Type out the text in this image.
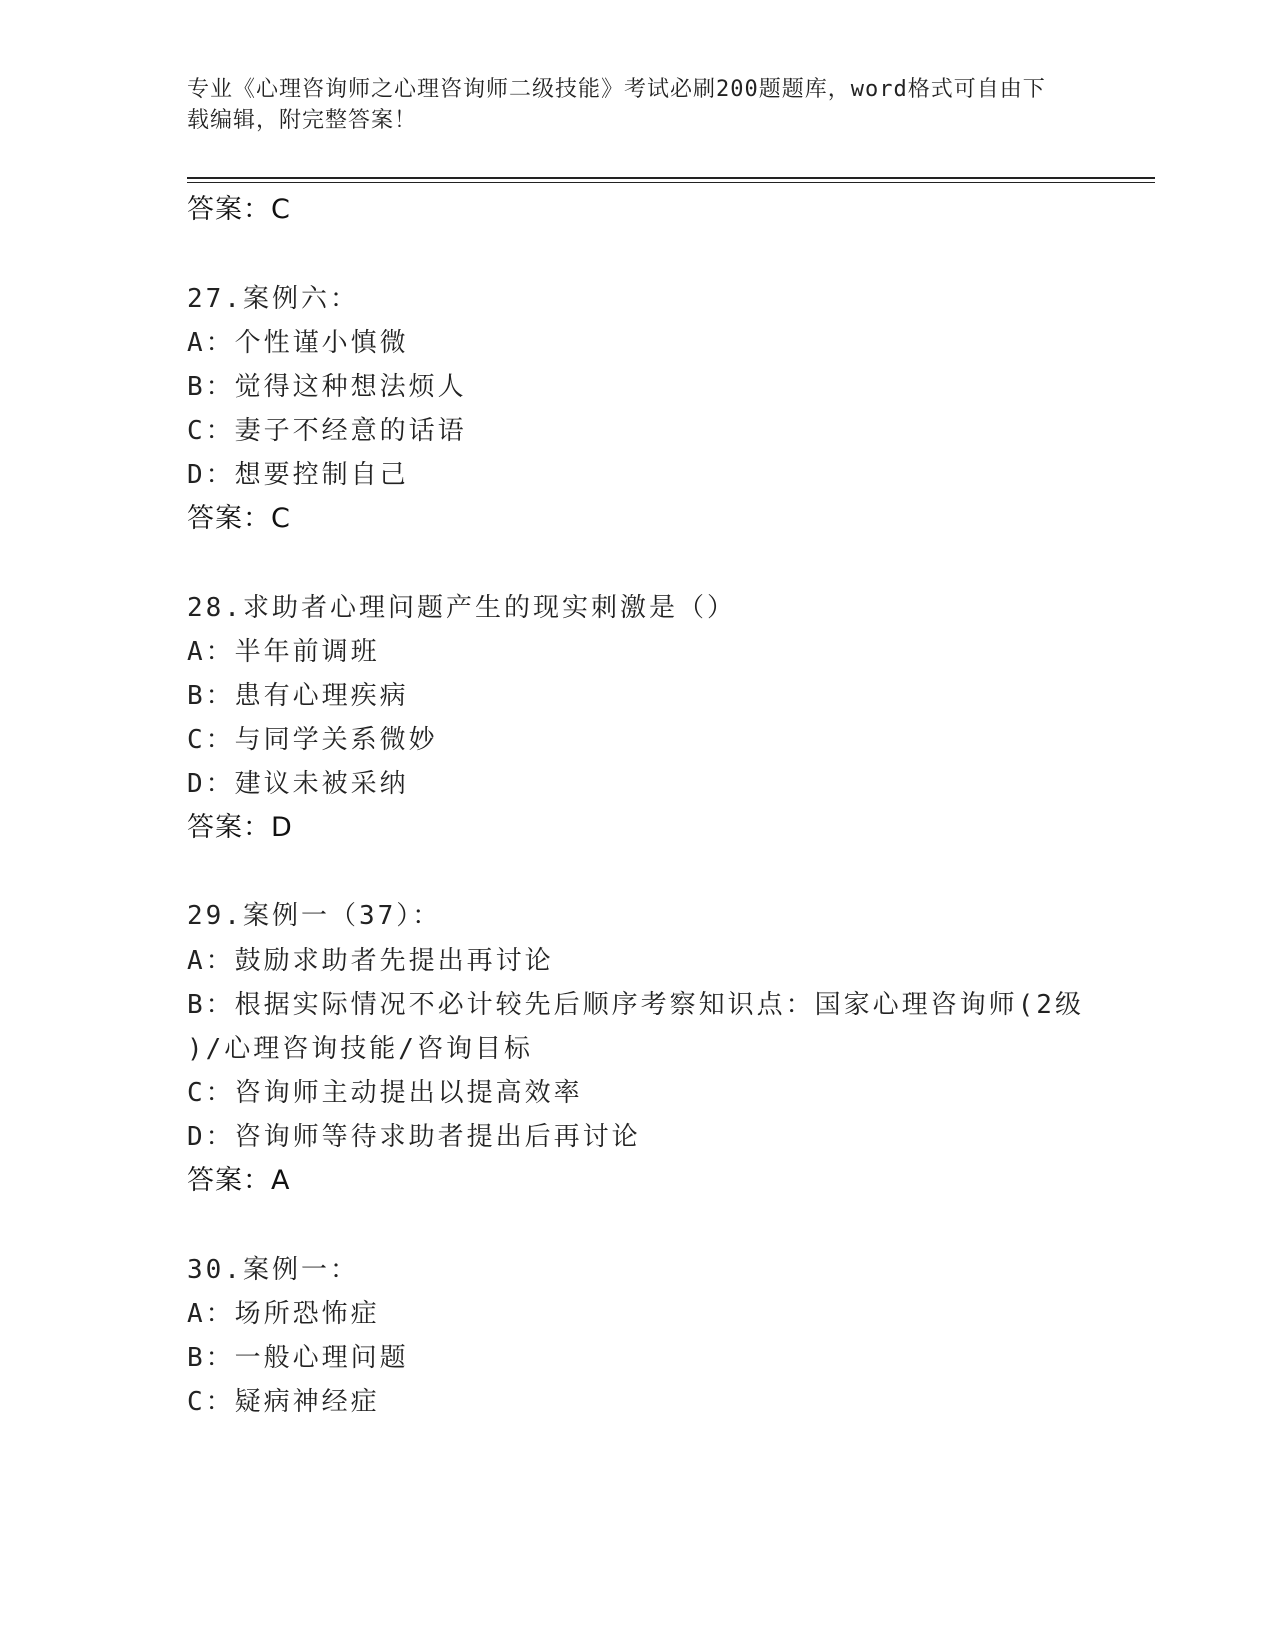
专业《心理咨询师之心理咨询师二级技能》考试必刷200题题库，word格式可自由下载编辑，附完整答案！
答案：C
27.案例六：
A：个性谨小慎微
B：觉得这种想法烦人
C：妻子不经意的话语
D：想要控制自己
答案：C
28.求助者心理问题产生的现实刺激是（）
A：半年前调班
B：患有心理疾病
C：与同学关系微妙
D：建议未被采纳
答案：D
29.案例一（37）：
A：鼓励求助者先提出再讨论
B：根据实际情况不必计较先后顺序考察知识点：国家心理咨询师(2级
)/心理咨询技能/咨询目标
C：咨询师主动提出以提高效率
D：咨询师等待求助者提出后再讨论
答案：A
30.案例一：
A：场所恐怖症
B：一般心理问题
C：疑病神经症
